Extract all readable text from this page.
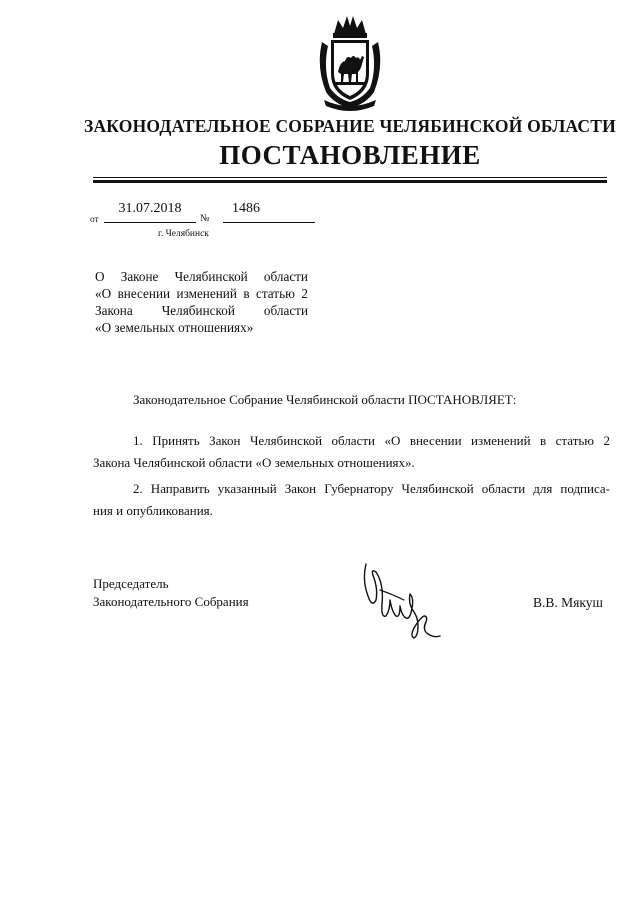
ЗАКОНОДАТЕЛЬНОЕ СОБРАНИЕ ЧЕЛЯБИНСКОЙ ОБЛАСТИ
ПОСТАНОВЛЕНИЕ
от
31.07.2018
№
1486
г. Челябинск
О Законе Челябинской области
«О внесении изменений в статью 2
Закона Челябинской области
«О земельных отношениях»
Законодательное Собрание Челябинской области ПОСТАНОВЛЯЕТ:
1. Принять Закон Челябинской области «О внесении изменений в статью 2
Закона Челябинской области «О земельных отношениях».
2. Направить указанный Закон Губернатору Челябинской области для подписа-
ния и опубликования.
Председатель
Законодательного Собрания	В.В. Мякуш
